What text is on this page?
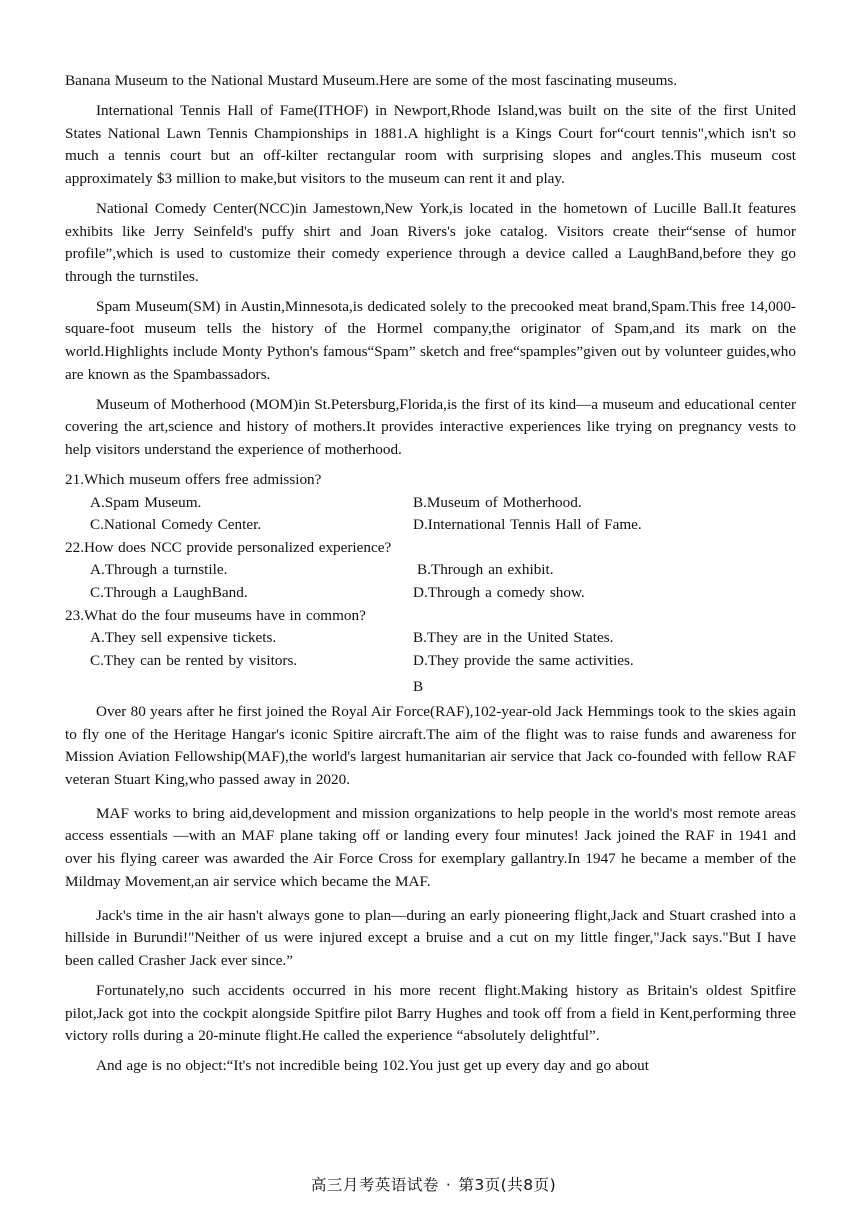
Banana Museum to the National Mustard Museum.Here are some of the most fascinating museums.

International Tennis Hall of Fame(ITHOF) in Newport,Rhode Island,was built on the site of the first United States National Lawn Tennis Championships in 1881.A highlight is a Kings Court for“court tennis",which isn't so much a tennis court but an off-kilter rectangular room with surprising slopes and angles.This museum cost approximately $3 million to make,but visitors to the museum can rent it and play.

National Comedy Center(NCC)in Jamestown,New York,is located in the hometown of Lucille Ball.It features exhibits like Jerry Seinfeld's puffy shirt and Joan Rivers's joke catalog. Visitors create their“sense of humor profile”,which is used to customize their comedy experience through a device called a LaughBand,before they go through the turnstiles.

Spam Museum(SM) in Austin,Minnesota,is dedicated solely to the precooked meat brand,Spam.This free 14,000-square-foot museum tells the history of the Hormel company,the originator of Spam,and its mark on the world.Highlights include Monty Python's famous“Spam” sketch and free“spamples”given out by volunteer guides,who are known as the Spambassadors.

Museum of Motherhood (MOM)in St.Petersburg,Florida,is the first of its kind—a museum and educational center covering the art,science and history of mothers.It provides interactive experiences like trying on pregnancy vests to help visitors understand the experience of motherhood.

21.Which museum offers free admission?
A.Spam Museum.	B.Museum of Motherhood.
C.National Comedy Center.	D.International Tennis Hall of Fame.
22.How does NCC provide personalized experience?
A.Through a turnstile.	B.Through an exhibit.
C.Through a LaughBand.	D.Through a comedy show.
23.What do the four museums have in common?
A.They sell expensive tickets.	B.They are in the United States.
C.They can be rented by visitors.	D.They provide the same activities.
B

Over 80 years after he first joined the Royal Air Force(RAF),102-year-old Jack Hemmings took to the skies again to fly one of the Heritage Hangar's iconic Spitire aircraft.The aim of the flight was to raise funds and awareness for Mission Aviation Fellowship(MAF),the world's largest humanitarian air service that Jack co-founded with fellow RAF veteran Stuart King,who passed away in 2020.

MAF works to bring aid,development and mission organizations to help people in the world's most remote areas access essentials —with an MAF plane taking off or landing every four minutes! Jack joined the RAF in 1941 and over his flying career was awarded the Air Force Cross for exemplary gallantry.In 1947 he became a member of the Mildmay Movement,an air service which became the MAF.

Jack's time in the air hasn't always gone to plan—during an early pioneering flight,Jack and Stuart crashed into a hillside in Burundi!"Neither of us were injured except a bruise and a cut on my little finger,"Jack says."But I have been called Crasher Jack ever since.”

Fortunately,no such accidents occurred in his more recent flight.Making history as Britain's oldest Spitfire pilot,Jack got into the cockpit alongside Spitfire pilot Barry Hughes and took off from a field in Kent,performing three victory rolls during a 20-minute flight.He called the experience “absolutely delightful”.

And age is no object:“It's not incredible being 102.You just get up every day and go about

高三月考英语试卷 · 第3页(共8页)
